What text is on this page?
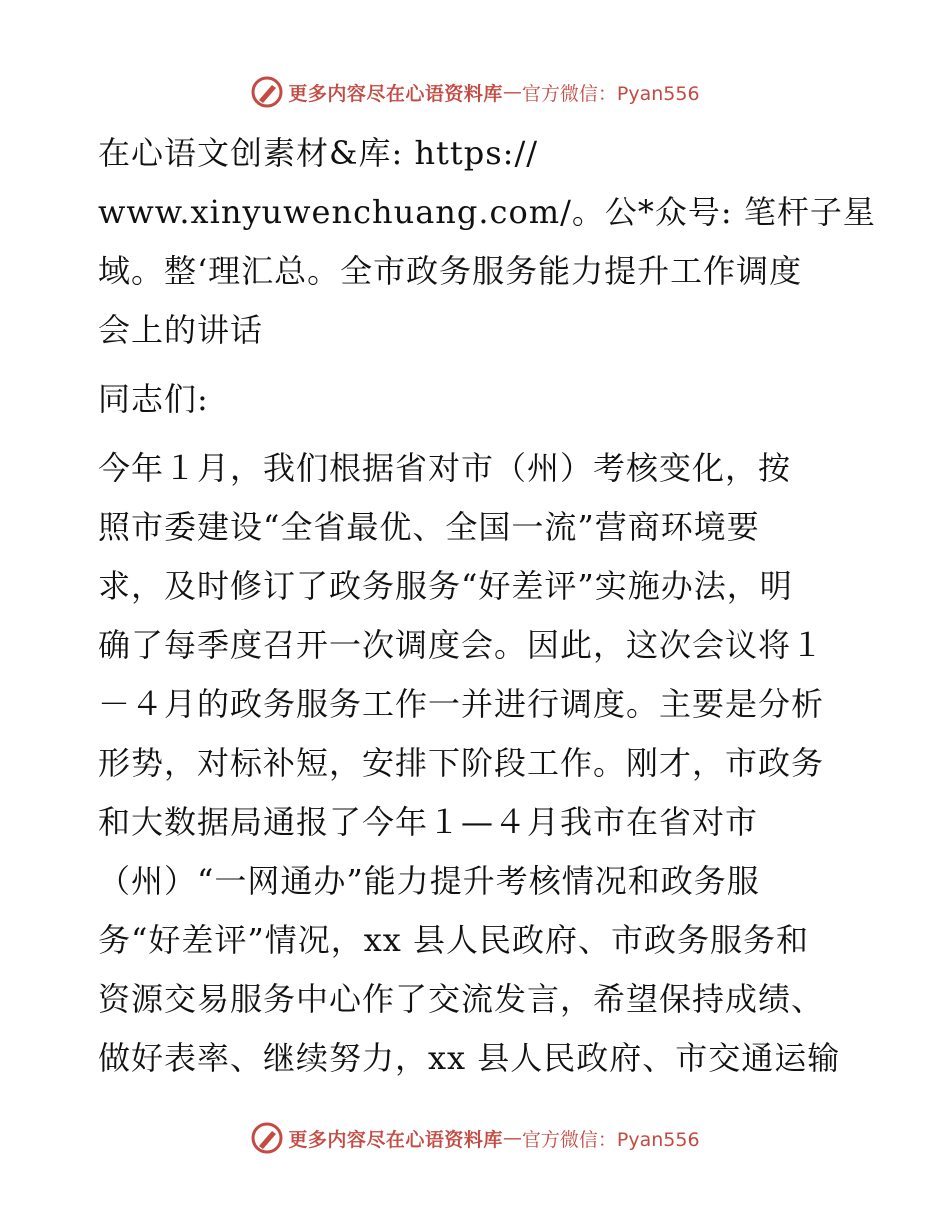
更多内容尽在心语资料库 — 官方微信：Pyan556
在心语文创素材&库: https://
www.xinyuwenchuang.com/。公*众号: 笔杆子星
域。整ʻ理汇总。全市政务服务能力提升工作调度
会上的讲话
同志们:
今年１月，我们根据省对市（州）考核变化，按
照市委建设“全省最优、全国一流”营商环境要
求，及时修订了政务服务“好差评”实施办法，明
确了每季度召开一次调度会。因此，这次会议将１
－４月的政务服务工作一并进行调度。主要是分析
形势，对标补短，安排下阶段工作。刚才，市政务
和大数据局通报了今年１—４月我市在省对市
（州）“一网通办”能力提升考核情况和政务服
务“好差评”情况，xx 县人民政府、市政务服务和
资源交易服务中心作了交流发言，希望保持成绩、
做好表率、继续努力，xx 县人民政府、市交通运输
更多内容尽在心语资料库 — 官方微信：Pyan556
